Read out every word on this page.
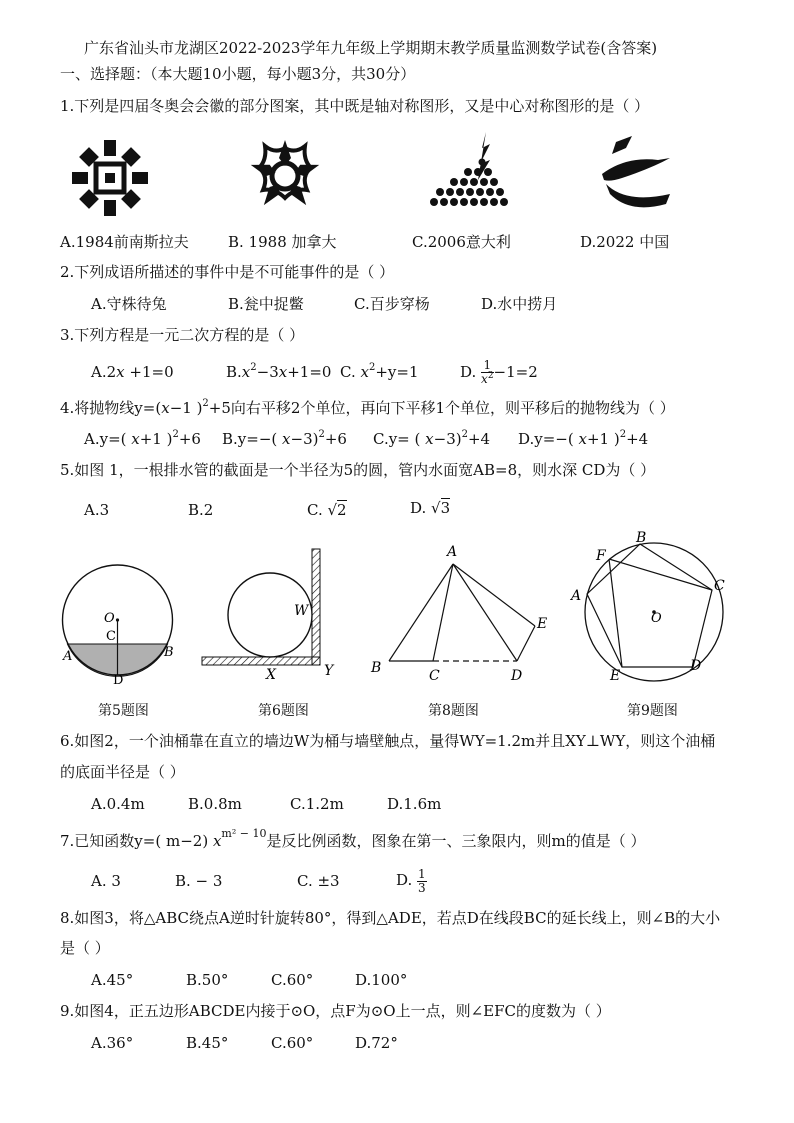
广东省汕头市龙湖区2022-2023学年九年级上学期期末教学质量监测数学试卷(含答案)
一、选择题：（本大题10小题，每小题3分，共30分）
1.下列是四届冬奥会会徽的部分图案，其中既是轴对称图形，又是中心对称图形的是（ ）
A.1984前南斯拉夫	B. 1988 加拿大	C.2006意大利	D.2022 中国
2.下列成语所描述的事件中是不可能事件的是（ ）
A.守株待兔	B.瓮中捉鳖	C.百步穿杨	D.水中捞月
3.下列方程是一元二次方程的是（ ）
A.2x +1=0	$B.x^2-3x+1=0$ C. $x^2+y=1$	D. $\frac{1}{x^2} -1=2$
4.将抛物线y=(x−1 )$^2$+5向右平移2个单位，再向下平移1个单位，则平移后的抛物线为（ ）
A.y=( x+1 )$^2$+6 B.y=−( x−3)$^2$+6 C.y= ( x−3)$^2$+4 D.y=−( x+1 )$^2$+4
5.如图 1，一根排水管的截面是一个半径为5的圆，管内水面宽AB=8，则水深 CD为（ ）
A.3	B.2	C. √2	D. √3
O
C
A	B
D
第5题图
W
X	Y
第6题图
A
B	C	D
E
第8题图
B
C
D
E
F
A
O
第9题图
6.如图2，一个油桶靠在直立的墙边W为桶与墙壁触点，量得WY=1.2m并且XY⊥WY，则这个油桶
的底面半径是（ ）
A.0.4m	B.0.8m	C.1.2m	D.1.6m
7.已知函数y=( m−2) $x^{m^2 - 10}$是反比例函数，图象在第一、三象限内，则m的值是（ ）
A. 3	B. − 3	C. ±3	D. $\frac{1}{3}$
8.如图3，将△ABC绕点A逆时针旋转80°，得到△ADE，若点D在线段BC的延长线上，则∠B的大小
是（ ）
A.45°	B.50°	C.60°	D.100°
9.如图4，正五边形ABCDE内接于⊙O，点F为⊙O上一点，则∠EFC的度数为（ ）
A.36°	B.45°	C.60°	D.72°
